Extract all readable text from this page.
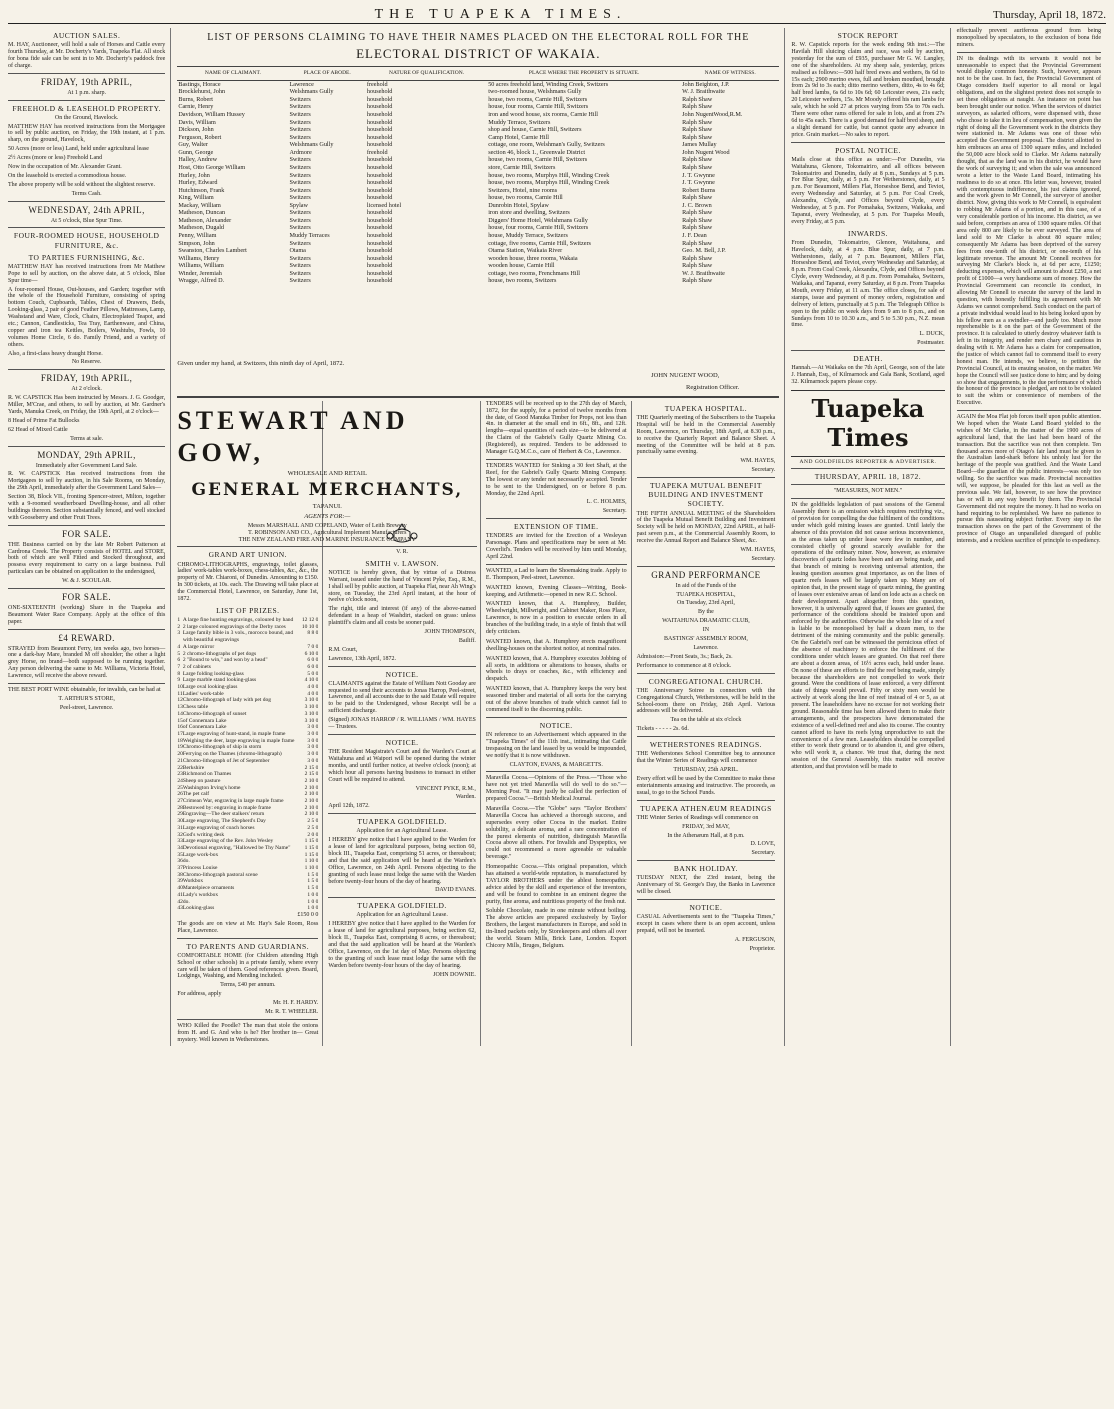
THE TUAPEKA TIMES.	Thursday, April 18, 1872.
AUCTION SALES.

M. HAY, Auctioneer, will hold a sale of Horses and Cattle every fourth Thursday, at Mr. Docherty's Yards, Tuapeka Flat. All stock for bona fide sale can be sent in to Mr. Docherty's paddock free of charge.

FRIDAY, 19th APRIL,

At 1 p.m. sharp.

FREEHOLD & LEASEHOLD PROPERTY.

On the Ground, Havelock.

MATTHEW HAY has received instructions from the Mortgagee to sell by public auction, on Friday, the 19th instant, at 1 p.m. sharp, on the ground, Havelock,

50 Acres (more or less) Land, held under agricultural lease

2½ Acres (more or less) Freehold Land

Now in the occupation of Mr. Alexander Grant.

On the leasehold is erected a commodious house.

The above property will be sold without the slightest reserve.

Terms Cash.

WEDNESDAY, 24th APRIL,

At 5 o'clock, Blue Spur Time.

FOUR-ROOMED HOUSE, HOUSEHOLD FURNITURE, &c.
TO PARTIES FURNISHING, &c.

MATTHEW HAY has received instructions from Mr Matthew Pope to sell by auction, on the above date, at 5 o'clock, Blue Spur time—

A four-roomed House, Out-houses, and Garden; together with the whole of the Household Furniture, consisting of spring bottom Couch, Cupboards, Tables, Chest of Drawers, Beds, Looking-glass, 2 pair of good Feather Pillows, Mattresses, Lamp, Washstand and Ware, Clock, Chairs, Electroplated Teapot, and etc.; Cannon, Candlesticks, Tea Tray, Earthenware, and China, copper and iron tea Kettles, Boilers, Washtubs, Fowls, 10 volumes Home Circle, 6 do. Family Friend, and a variety of others.

Also, a first-class heavy draught Horse.

No Reserve.

FRIDAY, 19th APRIL,

At 2 o'clock.

R. W. CAPSTICK Has been instructed by Messrs. J. G. Goodger, Miller, M'Crae, and others, to sell by auction, at Mr. Gardner's Yards, Manuka Creek, on Friday, the 19th April, at 2 o'clock—

8 Head of Prime Fat Bullocks

62 Head of Mixed Cattle

Terms at sale.

MONDAY, 29th APRIL,

Immediately after Government Land Sale.

R. W. CAPSTICK Has received instructions from the Mortgagees to sell by auction, in his Sale Rooms, on Monday, the 29th April, immediately after the Government Land Sales—

Section 38, Block VII., fronting Spencer-street, Milton, together with a 9-roomed weatherboard Dwelling-house, and all other buildings thereon. Section substantially fenced, and well stocked with Gooseberry and other Fruit Trees.

FOR SALE.

THE Business carried on by the late Mr Robert Patterson at Cardrona Creek. The Property consists of HOTEL and STORE, both of which are well Fitted and Stocked throughout, and possess every requirement to carry on a large business. Full particulars can be obtained on application to the undersigned,

W. & J. SCOULAR.

FOR SALE.

ONE-SIXTEENTH (working) Share in the Tuapeka and Beaumont Water Race Company. Apply at the office of this paper.

£4 REWARD.

STRAYED from Beaumont Ferry, ten weeks ago, two horses—one a dark-bay Mare, branded M off shoulder; the other a light grey Horse, no brand—both supposed to be running together. Any person delivering the same to Mr. Williams, Victoria Hotel, Lawrence, will receive the above reward.

THE BEST PORT WINE obtainable, for invalids, can be had at

T. ARTHUR'S STORE,

Peel-street, Lawrence.

LIST OF PERSONS CLAIMING TO HAVE THEIR NAMES PLACED ON THE ELECTORAL ROLL FOR THE
ELECTORAL DISTRICT OF WAKAIA.
NAME OF CLAIMANT.	PLACE OF ABODE.	NATURE OF QUALIFICATION.	PLACE WHERE THE PROPERTY IS SITUATE.	NAME OF WITNESS.
Bastings, Horace	Lawrence	freehold	50 acres freehold land, Winding Creek, Switzers	John Beighton, J.P.
Brocklehurst, John	Welshmans Gully	household	two-roomed house, Welshmans Gully	W. J. Braithwaite
Burns, Robert	Switzers	household	house, two rooms, Carnie Hill, Switzers	Ralph Shaw
Carnie, Henry	Switzers	household	house, four rooms, Carnie Hill, Switzers	Ralph Shaw
Davidson, William Hussey	Switzers	household	iron and wood house, six rooms, Carnie Hill	John NugentWood,R.M.
Davis, William	Switzers	household	Muddy Terrace, Switzers	Ralph Shaw
Dickson, John	Switzers	household	shop and house, Carnie Hill, Switzers	Ralph Shaw
Ferguson, Robert	Switzers	household	Camp Hotel, Carnie Hill	Ralph Shaw
Guy, Walter	Welshmans Gully	household	cottage, one room, Welshman's Gully, Switzers	James Mullay
Gunn, George	Ardmore	freehold	section 46, block 1., Greenvale District	John Nugent Wood
Halley, Andrew	Switzers	household	house, two rooms, Carnie Hill, Switzers	Ralph Shaw
Host, Otto George William	Switzers	household	store, Carnie Hill, Switzers	Ralph Shaw
Hurley, John	Switzers	household	house, two rooms, Murphys Hill, Winding Creek	J. T. Gwynne
Hurley, Edward	Switzers	household	house, two rooms, Murphys Hill, Winding Creek	J. T. Gwynne
Hutchinson, Frank	Switzers	household	Switzers, Hotel, nine rooms	Robert Burns
King, William	Switzers	household	house, two rooms, Carnie Hill	Ralph Shaw
Mackay, William	Spylaw	licensed hotel	Dunrobin Hotel, Spylaw	J. C. Brown
Matheson, Duncan	Switzers	household	iron store and dwelling, Switzers	Ralph Shaw
Matheson, Alexander	Switzers	household	Diggers' Home Hotel, Welshmans Gully	Ralph Shaw
Matheson, Dugald	Switzers	household	house, four rooms, Carnie Hill, Switzers	Ralph Shaw
Penny, William	Muddy Terraces	household	house, Muddy Terrace, Switzers	J. F. Dean
Simpson, John	Switzers	household	cottage, five rooms, Carnie Hill, Switzers	Ralph Shaw
Swanston, Charles Lambert	Otama	household	Otama Station, Waikaia River	Geo. M. Bell, J.P.
Williams, Henry	Switzers	household	wooden house, three rooms, Wakaia	Ralph Shaw
Williams, William	Switzers	household	wooden house, Carnie Hill	Ralph Shaw
Winder, Jeremiah	Switzers	household	cottage, two rooms, Frenchmans Hill	W. J. Braithwaite
Wragge, Alfred D.	Switzers	household	house, two rooms, Switzers	Ralph Shaw
Given under my hand, at Switzers, this ninth day of April, 1872.
JOHN NUGENT WOOD,
Registration Officer.
STEWART AND GOW,
WHOLESALE AND RETAIL
GENERAL MERCHANTS,
TAPANUI.
AGENTS FOR:—
Messrs MARSHALL AND COPELAND, Water of Leith Brewery
T. ROBINSON AND CO., Agricultural Implement Manufacturers
THE NEW ZEALAND FIRE AND MARINE INSURANCE COMPANY
GRAND ART UNION.

CHROMO-LITHOGRAPHS, engravings, toilet glasses, ladies' work-tables work-boxes, chess-tables, &c., &c., the property of Mr. Chiaroni, of Dunedin. Amounting to £150. In 300 tickets, at 10s. each. The Drawing will take place at the Commercial Hotel, Lawrence, on Saturday, June 1st, 1872.

LIST OF PRIZES.
1	A large fine hunting engravings, coloured by hand	12 12 0
2	2 large coloured engravings of the Derby races	10 10 0
3	Large family bible in 3 vols., morocco bound, and with beautiful engravings	8 8 0
4	A large mirror	7 0 0
5	2 chromo-lithographs of pet dogs	6 10 0
6	2 "Bound to win," and won by a head"	6 0 0
7	2 of cabinets	6 0 0
8	Large folding looking-glass	5 0 0
9	Large marble stand looking-glass	4 10 0
10	Large oval looking-glass	4 0 0
11	Ladies' work-table	4 0 0
12	Chromo-lithograph of lady with pet dog	3 10 0
13	Chess table	3 10 0
14	Chromo-lithograph of sunset	3 10 0
15	of Connemara Lake	3 10 0
16	of Connemara Lake	3 0 0
17	Large engraving of hunt-stand, in maple frame	3 0 0
18	Weighing the deer, large engraving in maple frame	3 0 0
19	Chromo-lithograph of ship in storm	3 0 0
20	Ferrying on the Thames (chromo-lithograph)	3 0 0
21	Chromo-lithograph of Jet of September	3 0 0
22	Berkshire	2 15 0
23	Richmond on Thames	2 15 0
24	Sheep on pasture	2 10 0
25	Washington Irving's home	2 10 0
26	The pet calf	2 10 0
27	Crimean War, engraving in large maple frame	2 10 0
28	Bestowed by: engraving in maple frame	2 10 0
29	Engraving—The deer stalkers' return	2 10 0
30	Large engraving, The Shepherd's Day	2 5 0
31	Large engraving of coach horses	2 5 0
32	God's writing desk	2 0 0
33	Large engraving of the Rev. John Wesley	1 15 0
34	Devotional engraving, "Hallowed be Thy Name"	1 15 0
35	Large work-box	1 15 0
36	do.	1 10 0
37	Princess Louise	1 10 0
38	Chromo-lithograph pastoral scene	1 5 0
39	Workbox	1 5 0
40	Mantelpiece ornaments	1 5 0
41	Lady's workbox	1 0 0
42	do.	1 0 0
43	Looking-glass	1 0 0

£150 0 0

The goods are on view at Mr. Hay's Sale Room, Ross Place, Lawrence.

TO PARENTS AND GUARDIANS.

COMFORTABLE HOME (for Children attending High School or other schools) in a private family, where every care will be taken of them. Good references given. Board, Lodgings, Washing, and Mending included.

Terms, £40 per annum.

For address, apply

Mr. H. F. HARDY.

Mr. R. T. WHEELER.

WHO Killed the Poodle? The man that stole the onions from H. and G. And who is he? Her brother in— Great mystery. Well known in Wetherstones.

V. R.

SMITH v. LAWSON.

NOTICE is hereby given, that by virtue of a Distress Warrant, issued under the hand of Vincent Pyke, Esq., R.M., I shall sell by public auction, at Tuapeka Flat, near Ah Wing's store, on Tuesday, the 23rd April instant, at the hour of twelve o'clock noon,

The right, title and interest (if any) of the above-named defendant in a heap of Washdirt, stacked on grass: unless plaintiff's claim and all costs be sooner paid.

JOHN THOMPSON,

Bailiff.

R.M. Court,

Lawrence, 13th April, 1872.

NOTICE.

CLAIMANTS against the Estate of William Nott Gooday are requested to send their accounts to Jonas Harrop, Peel-street, Lawrence, and all accounts due to the said Estate will require to be paid to the Undersigned, whose Receipt will be a sufficient discharge.

(Signed) JONAS HARROP / R. WILLIAMS / WM. HAYES — Trustees.

NOTICE.

THE Resident Magistrate's Court and the Warden's Court at Waitahuna and at Waipori will be opened during the winter months, and until further notice, at twelve o'clock (noon); at which hour all persons having business to transact in either Court will be required to attend.

VINCENT PYKE, R.M.,

Warden.

April 12th, 1872.

TUAPEKA GOLDFIELD.

Application for an Agricultural Lease.

I HEREBY give notice that I have applied to the Warden for a lease of land for agricultural purposes, being section 60, block III., Tuapeka East, comprising 51 acres, or thereabout; and that the said application will be heard at the Warden's Office, Lawrence, on 24th April. Persons objecting to the granting of such lease must lodge the same with the Warden before twenty-four hours of the day of hearing.

DAVID EVANS.

TUAPEKA GOLDFIELD.

Application for an Agricultural Lease.

I HEREBY give notice that I have applied to the Warden for a lease of land for agricultural purposes, being section 62, block II., Tuapeka East, comprising 8 acres, or thereabout; and that the said application will be heard at the Warden's Office, Lawrence, on the 1st day of May. Persons objecting to the granting of such lease must lodge the same with the Warden before twenty-four hours of the day of hearing.

JOHN DOWNIE.

TENDERS will be received up to the 27th day of March, 1872, for the supply, for a period of twelve months from the date, of Good Manuka Timber for Props, not less than 4in. in diameter at the small end in 6ft., 8ft., and 12ft. lengths—equal quantities of each size—to be delivered at the Claim of the Gabriel's Gully Quartz Mining Co. (Registered), as required. Tenders to be addressed to Manager G.Q.M.C.o., care of Herbert & Co., Lawrence.

TENDERS WANTED for Sinking a 30 feet Shaft, at the Reef, for the Gabriel's Gully Quartz Mining Company. The lowest or any tender not necessarily accepted. Tender to be sent to the Undersigned, on or before 8 p.m. Monday, the 22nd April.

L. C. HOLMES,

Secretary.

EXTENSION OF TIME.

TENDERS are invited for the Erection of a Wesleyan Parsonage. Plans and specifications may be seen at Mr. Coverlid's. Tenders will be received by him until Monday, April 22nd.

WANTED, a Lad to learn the Shoemaking trade. Apply to E. Thompson, Peel-street, Lawrence.

WANTED known, Evening Classes—Writing, Book-keeping, and Arithmetic—opened in new R.C. School.

WANTED known, that A. Humphrey, Builder, Wheelwright, Millwright, and Cabinet Maker, Ross Place, Lawrence, is now in a position to execute orders in all branches of the building trade, in a style of finish that will defy criticism.

WANTED known, that A. Humphrey erects magnificent dwelling-houses on the shortest notice, at nominal rates.

WANTED known, that A. Humphrey executes Jobbing of all sorts, in additions or alterations to houses, shafts or wheels to drays or coaches, &c., with efficiency and despatch.

WANTED known, that A. Humphrey keeps the very best seasoned timber and material of all sorts for the carrying out of the above branches of trade which cannot fail to commend itself to the discerning public.

NOTICE.

IN reference to an Advertisement which appeared in the "Tuapeka Times" of the 11th inst., intimating that Cattle trespassing on the land leased by us would be impounded, we notify that it is now withdrawn.

CLAYTON, EVANS, & MARGETTS.

Maravilla Cocoa.—Opinions of the Press.—"Those who have not yet tried Maravilla will do well to do so."—Morning Post. "It may justly be called the perfection of prepared Cocoa."—British Medical Journal.

Maravilla Cocoa.—The "Globe" says "Taylor Brothers' Maravilla Cocoa has achieved a thorough success, and supersedes every other Cocoa in the market. Entire solubility, a delicate aroma, and a rare concentration of the purest elements of nutrition, distinguish Maravilla Cocoa above all others. For Invalids and Dyspeptics, we could not recommend a more agreeable or valuable beverage."

Homeopathic Cocoa.—This original preparation, which has attained a world-wide reputation, is manufactured by TAYLOR BROTHERS under the ablest homeopathic advice aided by the skill and experience of the inventors, and will be found to combine in an eminent degree the purity, fine aroma, and nutritious property of the fresh nut.

Soluble Chocolate, made in one minute without boiling. The above articles are prepared exclusively by Taylor Brothers, the largest manufacturers in Europe, and sold in tin-lined packets only, by Storekeepers and others all over the world. Steam Mills, Brick Lane, London. Export Chicory Mills, Bruges, Belgium.

TUAPEKA HOSPITAL.

THE Quarterly meeting of the Subscribers to the Tuapeka Hospital will be held in the Commercial Assembly Room, Lawrence, on Thursday, 18th April, at 8.30 p.m., to receive the Quarterly Report and Balance Sheet. A meeting of the Committee will be held at 8 p.m. punctually same evening.

WM. HAYES,

Secretary.

TUAPEKA MUTUAL BENEFIT BUILDING AND INVESTMENT SOCIETY.

THE FIFTH ANNUAL MEETING of the Shareholders of the Tuapeka Mutual Benefit Building and Investment Society will be held on MONDAY, 22nd APRIL, at half-past seven p.m., at the Commercial Assembly Room, to receive the Annual Report and Balance Sheet, &c.

WM. HAYES,

Secretary.

GRAND PERFORMANCE

In aid of the Funds of the

TUAPEKA HOSPITAL,

On Tuesday, 23rd April,

By the

WAITAHUNA DRAMATIC CLUB,

IN

BASTINGS' ASSEMBLY ROOM,

Lawrence.

Admission:—Front Seats, 3s.; Back, 2s.

Performance to commence at 8 o'clock.

CONGREGATIONAL CHURCH.

THE Anniversary Soiree in connection with the Congregational Church, Wetherstones, will be held in the School-room there on Friday, 26th April. Various addresses will be delivered.

Tea on the table at six o'clock

Tickets - - - - - 2s. 6d.

WETHERSTONES READINGS.

THE Wetherstones School Committee beg to announce that the Winter Series of Readings will commence

THURSDAY, 25th APRIL.

Every effort will be used by the Committee to make these entertainments amusing and instructive. The proceeds, as usual, to go to the School Funds.

TUAPEKA ATHENÆUM READINGS

THE Winter Series of Readings will commence on

FRIDAY, 3rd MAY,

In the Athenæum Hall, at 8 p.m.

D. LOVE,

Secretary.

BANK HOLIDAY.

TUESDAY NEXT, the 23rd instant, being the Anniversary of St. George's Day, the Banks in Lawrence will be closed.

NOTICE.

CASUAL Advertisements sent to the "Tuapeka Times," except in cases where there is an open account, unless prepaid, will not be inserted.

A. FERGUSON,

Proprietor.

STOCK REPORT

R. W. Capstick reports for the week ending 9th inst.:—The Havilah Hill sluicing claim and race, was sold by auction, yesterday for the sum of £935, purchaser Mr G. W. Langley, one of the shareholders. At my sheep sale, yesterday, prices realised as follows:—500 half bred ewes and wethers, 8s 6d to 15s each; 2900 merino ewes, full and broken mouthed, brought from 2s 9d to 3s each; ditto merino wethers, ditto, 4s to 4s 6d; half bred lambs, 6s 6d to 10s 6d; 60 Leicester ewes, 21s each; 20 Leicester wethers, 15s. Mr Moody offered his ram lambs for sale, which he sold 27 at prices varying from 55s to 70s each. There were other rams offered for sale in lots, and at from 27s 6d to 45s each. There is a good demand for half bred sheep, and a slight demand for cattle, but cannot quote any advance in price. Grain market.—No sales to report.

POSTAL NOTICE.

Mails close at this office as under:—For Dunedin, via Waitahuna, Glenore, Tokomairiro, and all offices between Tokomairiro and Dunedin, daily at 8 p.m., Sundays at 5 p.m. For Blue Spur, daily, at 5 p.m. For Wetherstones, daily, at 5 p.m. For Beaumont, Millers Flat, Horseshoe Bend, and Teviot, every Wednesday and Saturday, at 5 p.m. For Coal Creek, Alexandra, Clyde, and Offices beyond Clyde, every Wednesday, at 5 p.m. For Pomahaka, Switzers, Waikaka, and Tapanui, every Wednesday, at 5 p.m. For Tuapeka Mouth, every Friday, at 5 p.m.

INWARDS.

From Dunedin, Tokomairiro, Glenore, Waitahuna, and Havelock, daily, at 4 p.m. Blue Spur, daily, at 7 p.m. Wetherstones, daily, at 7 p.m. Beaumont, Millers Flat, Horseshoe Bend, and Teviot, every Wednesday and Saturday, at 8 p.m. From Coal Creek, Alexandra, Clyde, and Offices beyond Clyde, every Wednesday, at 8 p.m. From Pomahaka, Switzers, Waikaka, and Tapanui, every Saturday, at 8 p.m. From Tuapeka Mouth, every Friday, at 11 a.m. The office closes, for sale of stamps, issue and payment of money orders, registration and delivery of letters, punctually at 5 p.m. The Telegraph Office is open to the public on week days from 9 am to 8 p.m., and on Sundays from 10 to 10.30 a.m., and 5 to 5.30 p.m., N.Z. mean time.

L. DUCK,

Postmaster.

DEATH.

Hannah.—At Waikaka on the 7th April, George, son of the late J. Hannah, Esq., of Kilmarnock and Gala Bank, Scotland, aged 32. Kilmarnock papers please copy.

Tuapeka Times
AND GOLDFIELDS REPORTER & ADVERTISER.
THURSDAY, APRIL 18, 1872.

"MEASURES, NOT MEN."

IN the goldfields legislation of past sessions of the General Assembly there is an omission which requires rectifying viz., of provision for compelling the due fulfilment of the conditions under which gold mining leases are granted. Until lately the absence of this provision did not cause serious inconvenience, as the areas taken up under lease were few in number, and consisted chiefly of ground scarcely available for the operations of the ordinary miner. Now, however, as extensive discoveries of quartz lodes have been and are being made, and that branch of mining is receiving universal attention, the leasing question assumes great importance, as on the lines of quartz reefs leases will be largely taken up. Many are of opinion that, in the present stage of quartz mining, the granting of leases over extensive areas of land on lode acts as a check on their development. Apart altogether from this question, however, it is universally agreed that, if leases are granted, the performance of the conditions should be insisted upon and enforced by the authorities. Otherwise the whole line of a reef is liable to be monopolised by half a dozen men, to the detriment of the mining community and the public generally. On the Gabriel's reef can be witnessed the pernicious effect of the absence of machinery to enforce the fulfilment of the conditions under which leases are granted. On that reef there are about a dozen areas, of 16½ acres each, held under lease. On none of these are efforts to find the reef being made, simply because the shareholders are not compelled to work their ground. Were the conditions of lease enforced, a very different state of things would prevail. Fifty or sixty men would be actively at work along the line of reef instead of 4 or 5, as at present. The leaseholders have no excuse for not working their ground. Reasonable time has been allowed them to make their arrangements, and the prospectors have demonstrated the existence of a well-defined reef and also its course. The country cannot afford to have its reefs lying unproductive to suit the convenience of a few men. Leaseholders should be compelled either to work their ground or to abandon it, and give others, who will work it, a chance. We trust that, during the next session of the General Assembly, this matter will receive attention, and that provision will be made to

effectually prevent auriferous ground from being monopolised by speculators, to the exclusion of bona fide miners.

IN its dealings with its servants it would not be unreasonable to expect that the Provincial Government would display common honesty. Such, however, appears not to be the case. In fact, the Provincial Government of Otago considers itself superior to all moral or legal obligations, and on the slightest pretext does not scruple to set these obligations at naught. An instance on point has been brought under our notice. When the services of district surveyors, as salaried officers, were dispensed with, those who chose to take it in lieu of compensation, were given the right of doing all the Government work in the districts they were stationed in. Mr Adams was one of those who accepted the Government proposal. The district allotted to him embraces an area of 1300 square miles, and included the 50,000 acre block sold to Clarke. Mr Adams naturally thought, that as the land was in his district, he would have the work of surveying it; and when the sale was announced wrote a letter to the Waste Land Board, intimating his readiness to do so at once. His letter was, however, treated with contemptuous indifference, his just claims ignored, and the work given to Mr Connell, the surveyor of another district. Now, giving this work to Mr Connell, is equivalent to robbing Mr Adams of a portion, and in this case, of a very considerable portion of his income. His district, as we said before, comprises an area of 1300 square miles. Of that area only 800 are likely to be ever surveyed. The area of land sold to Mr Clarke is about 80 square miles; consequently Mr Adams has been deprived of the survey fees from one-tenth of his district, or one-tenth of his legitimate revenue. The amount Mr Connell receives for surveying Mr Clarke's block is, at 6d per acre, £1250; deducting expenses, which will amount to about £250, a net profit of £1000—a very handsome sum of money. How the Provincial Government can reconcile its conduct, in allowing Mr Connell to execute the survey of the land in question, with honestly fulfilling its agreement with Mr Adams we cannot comprehend. Such conduct on the part of a private individual would lead to his being looked upon by his fellow men as a swindler—and justly too. Much more reprehensible is it on the part of the Government of the province. It is calculated to utterly destroy whatever faith is left in its integrity, and render men chary and cautious in dealing with it. Mr Adams has a claim for compensation, the justice of which cannot fail to commend itself to every honest man. He intends, we believe, to petition the Provincial Council, at its ensuing session, on the matter. We hope the Council will see justice done to him; and by doing so show that engagements, to the due performance of which the honour of the province is pledged, are not to be violated to suit the whim or convenience of members of the Executive.

AGAIN the Moa Flat job forces itself upon public attention. We hoped when the Waste Land Board yielded to the wishes of Mr Clarke, in the matter of the 1900 acres of agricultural land, that the last had been heard of the transaction. But the sacrifice was not then complete. Ten thousand acres more of Otago's fair land must be given to the Australian land-shark before his unholy lust for the heritage of the people was gratified. And the Waste Land Board—the guardian of the public interests—was only too willing. So the sacrifice was made. Provincial necessities will, we suppose, be pleaded for this last as well as the previous sale. We fail, however, to see how the province has or will in any way benefit by them. The Provincial Government did not require the money. It had no works on hand requiring to be replenished. We have no patience to pursue this nauseating subject further. Every step in the transaction shows on the part of the Government of the province of Otago an unparalleled disregard of public interests, and a reckless sacrifice of principle to expediency.
